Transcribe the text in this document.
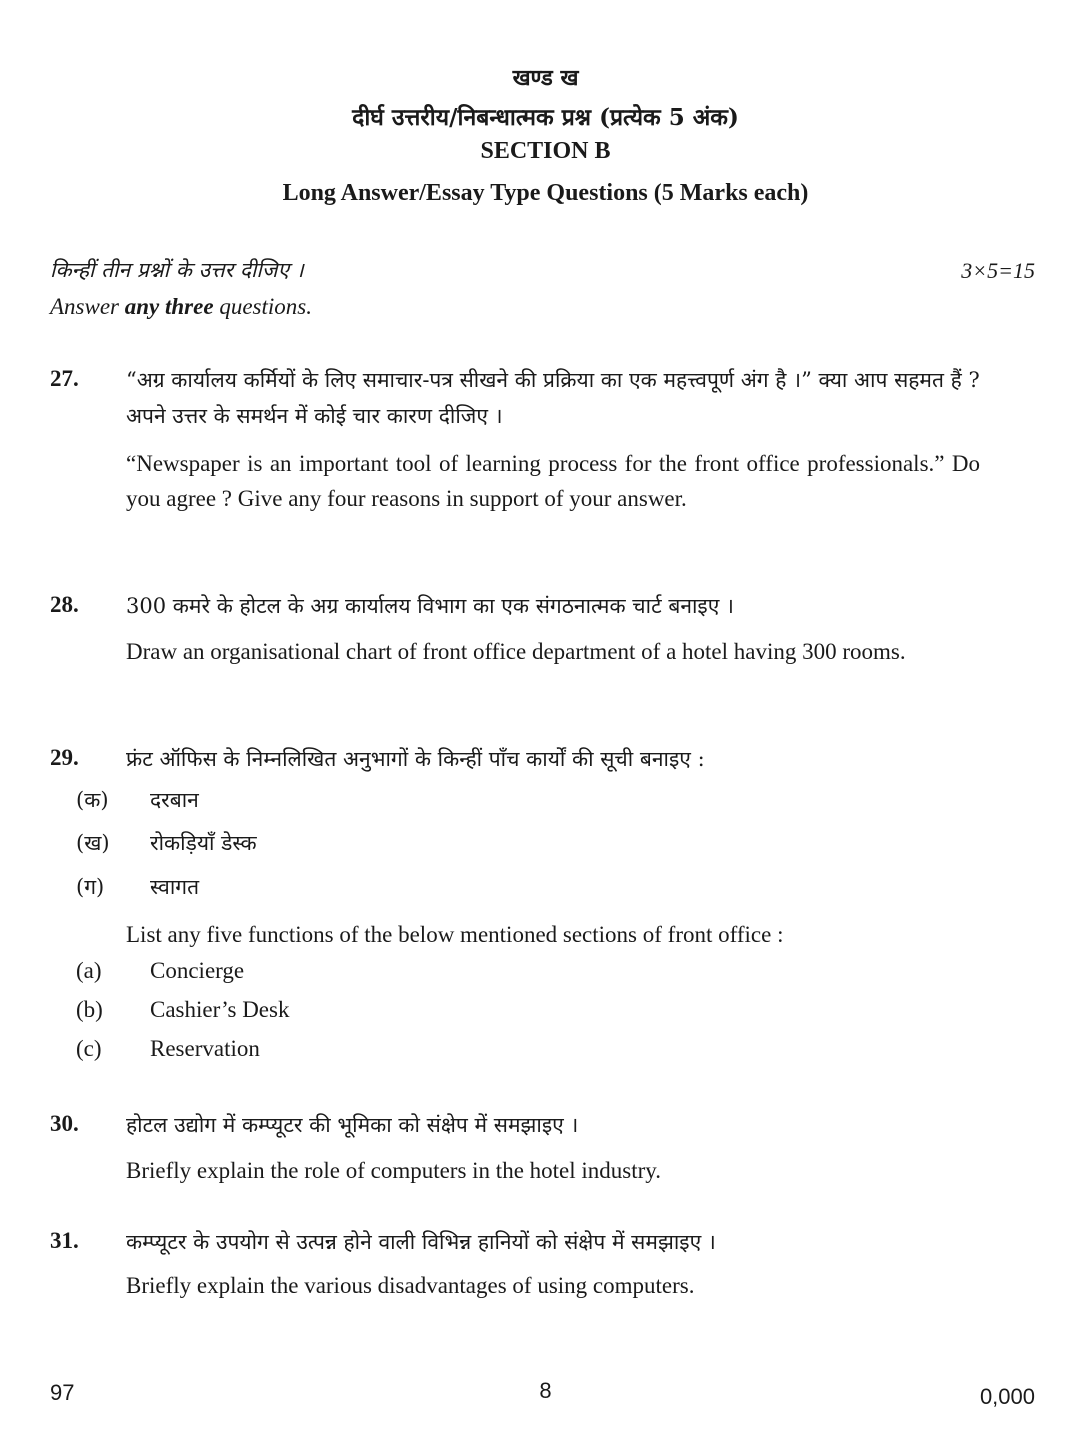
खण्ड ख
दीर्घ उत्तरीय/निबन्धात्मक प्रश्न (प्रत्येक 5 अंक)
SECTION B
Long Answer/Essay Type Questions (5 Marks each)
किन्हीं तीन प्रश्नों के उत्तर दीजिए ।	3×5=15
Answer any three questions.
27. “अग्र कार्यालय कर्मियों के लिए समाचार-पत्र सीखने की प्रक्रिया का एक महत्त्वपूर्ण अंग है ।” क्या आप सहमत हैं ? अपने उत्तर के समर्थन में कोई चार कारण दीजिए ।
“Newspaper is an important tool of learning process for the front office professionals.” Do you agree ? Give any four reasons in support of your answer.
28. 300 कमरे के होटल के अग्र कार्यालय विभाग का एक संगठनात्मक चार्ट बनाइए ।
Draw an organisational chart of front office department of a hotel having 300 rooms.
29. फ्रंट ऑफिस के निम्नलिखित अनुभागों के किन्हीं पाँच कार्यों की सूची बनाइए :
(क) दरबान
(ख) रोकड़ियाँ डेस्क
(ग) स्वागत
List any five functions of the below mentioned sections of front office :
(a) Concierge
(b) Cashier’s Desk
(c) Reservation
30. होटल उद्योग में कम्प्यूटर की भूमिका को संक्षेप में समझाइए ।
Briefly explain the role of computers in the hotel industry.
31. कम्प्यूटर के उपयोग से उत्पन्न होने वाली विभिन्न हानियों को संक्षेप में समझाइए ।
Briefly explain the various disadvantages of using computers.
97	8	0,000
